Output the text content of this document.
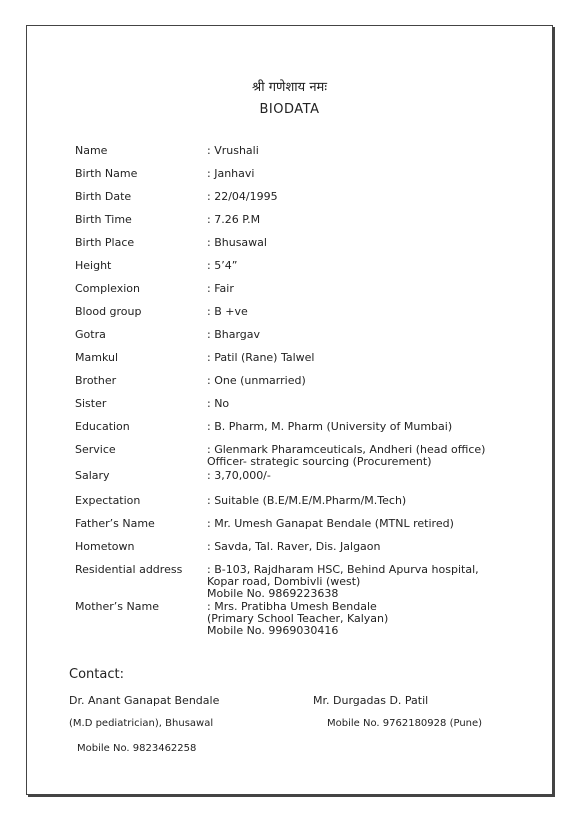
श्री गणेशाय नमः
BIODATA
Name	: Vrushali
Birth Name	: Janhavi
Birth Date	: 22/04/1995
Birth Time	: 7.26 P.M
Birth Place	: Bhusawal
Height	: 5’4”
Complexion	: Fair
Blood group	: B +ve
Gotra	: Bhargav
Mamkul	: Patil (Rane) Talwel
Brother	: One (unmarried)
Sister	: No
Education	: B. Pharm, M. Pharm (University of Mumbai)
Service	: Glenmark Pharamceuticals, Andheri (head office)
Officer- strategic sourcing (Procurement)
Salary	: 3,70,000/-
Expectation	: Suitable (B.E/M.E/M.Pharm/M.Tech)
Father’s Name	: Mr. Umesh Ganapat Bendale (MTNL retired)
Hometown	: Savda, Tal. Raver, Dis. Jalgaon
Residential address	: B-103, Rajdharam HSC, Behind Apurva hospital,
Kopar road, Dombivli (west)
Mobile No. 9869223638
Mother’s Name	: Mrs. Pratibha Umesh Bendale
(Primary School Teacher, Kalyan)
Mobile No. 9969030416
Contact:
Dr. Anant Ganapat Bendale
(M.D pediatrician), Bhusawal
Mobile No. 9823462258
Mr. Durgadas D. Patil
Mobile No. 9762180928 (Pune)
